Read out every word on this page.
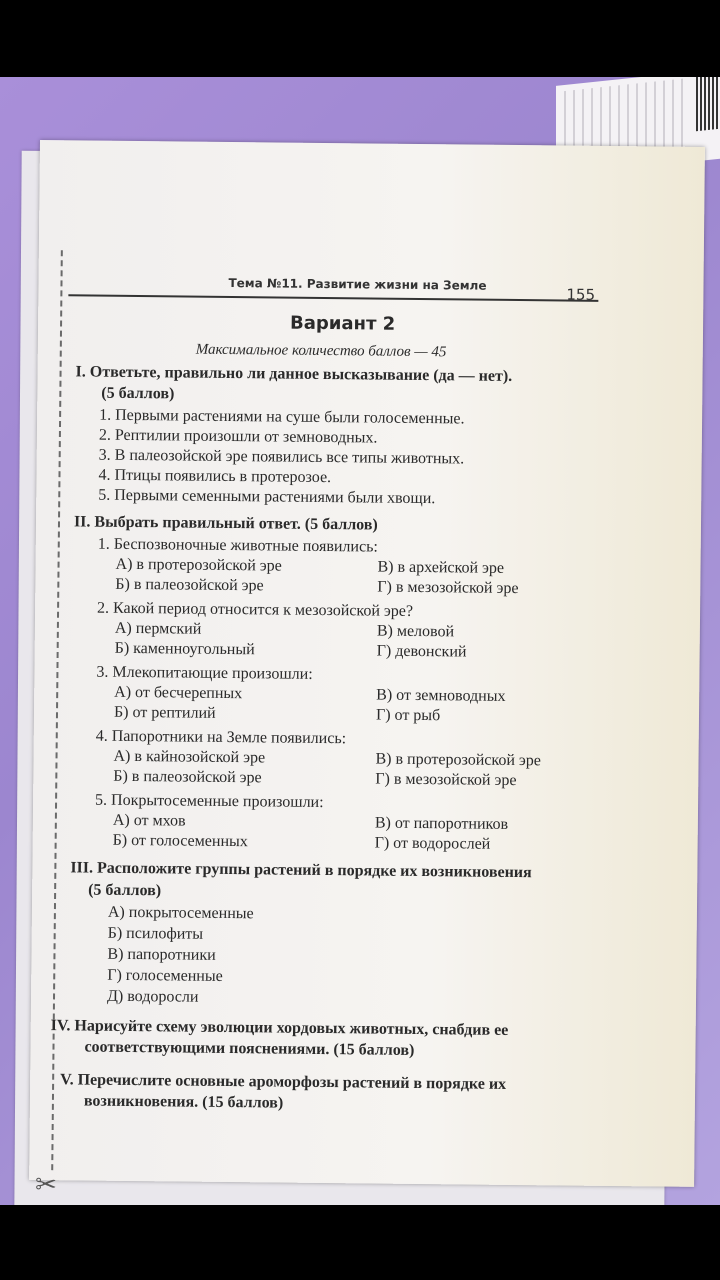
✂
Тема №11. Развитие жизни на Земле
155
Вариант 2
Максимальное количество баллов — 45
I. Ответьте, правильно ли данное высказывание (да — нет).
(5 баллов)
1. Первыми растениями на суше были голосеменные.
2. Рептилии произошли от земноводных.
3. В палеозойской эре появились все типы животных.
4. Птицы появились в протерозое.
5. Первыми семенными растениями были хвощи.
II. Выбрать правильный ответ. (5 баллов)
1. Беспозвоночные животные появились:
А) в протерозойской эре	В) в архейской эре
Б) в палеозойской эре	Г) в мезозойской эре
2. Какой период относится к мезозойской эре?
А) пермский	В) меловой
Б) каменноугольный	Г) девонский
3. Млекопитающие произошли:
А) от бесчерепных	В) от земноводных
Б) от рептилий	Г) от рыб
4. Папоротники на Земле появились:
А) в кайнозойской эре	В) в протерозойской эре
Б) в палеозойской эре	Г) в мезозойской эре
5. Покрытосеменные произошли:
А) от мхов	В) от папоротников
Б) от голосеменных	Г) от водорослей
III. Расположите группы растений в порядке их возникновения
(5 баллов)
А) покрытосеменные
Б) псилофиты
В) папоротники
Г) голосеменные
Д) водоросли
IV. Нарисуйте схему эволюции хордовых животных, снабдив ее
соответствующими пояснениями. (15 баллов)
V. Перечислите основные ароморфозы растений в порядке их
возникновения. (15 баллов)
